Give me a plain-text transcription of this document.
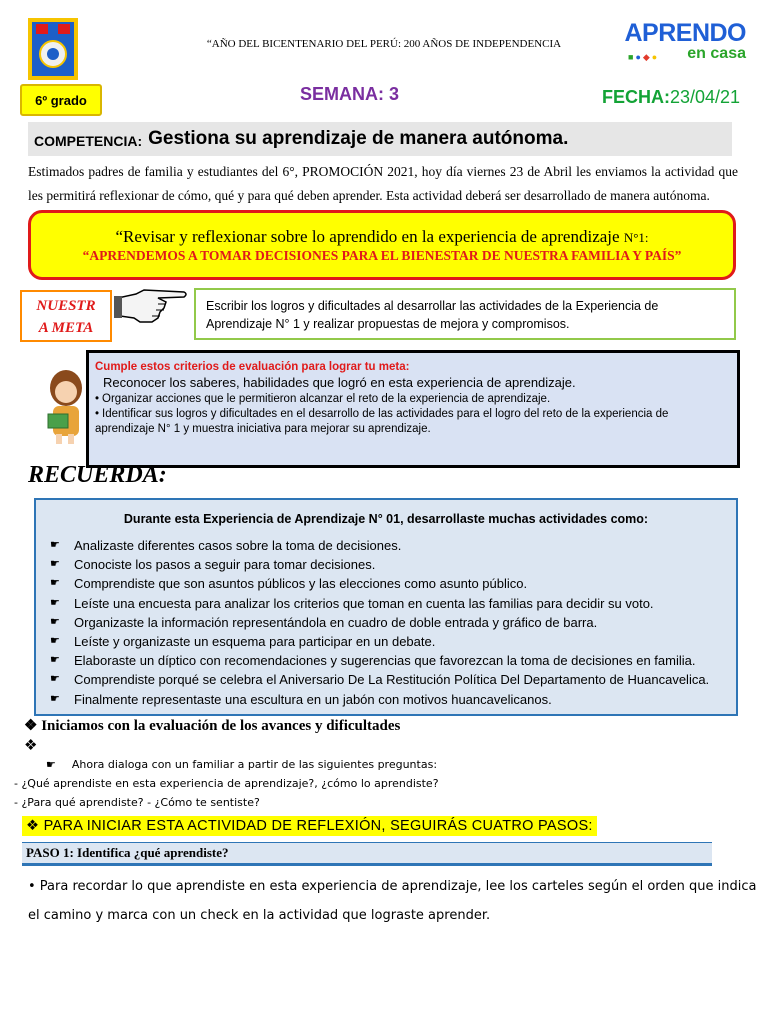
“AÑO DEL BICENTENARIO DEL PERÚ: 200 AÑOS DE INDEPENDENCIA	APRENDO
en casa
■●◆●
6º grado	SEMANA: 3	FECHA:23/04/21
COMPETENCIA: Gestiona su aprendizaje de manera autónoma.
Estimados padres de familia y estudiantes del 6°, PROMOCIÓN 2021, hoy día viernes 23 de Abril les enviamos la actividad que les permitirá reflexionar de cómo, qué y para qué deben aprender. Esta actividad deberá ser desarrollado de manera autónoma.
“Revisar y reflexionar sobre lo aprendido en la experiencia de aprendizaje N°1:
“APRENDEMOS A TOMAR DECISIONES PARA EL BIENESTAR DE NUESTRA FAMILIA Y PAÍS”
NUESTR
A META
Escribir los logros y dificultades al desarrollar las actividades de la Experiencia de Aprendizaje N° 1 y realizar propuestas de mejora y compromisos.
Cumple estos criterios de evaluación para lograr tu meta:
Reconocer los saberes, habilidades que logró en esta experiencia de aprendizaje.
• Organizar acciones que le permitieron alcanzar el reto de la experiencia de aprendizaje.
• Identificar sus logros y dificultades en el desarrollo de las actividades para el logro del reto de la experiencia de aprendizaje N° 1 y muestra iniciativa para mejorar su aprendizaje.
RECUERDA:
Durante esta Experiencia de Aprendizaje N° 01, desarrollaste muchas actividades como:
☛	Analizaste diferentes casos sobre la toma de decisiones.
☛	Conociste los pasos a seguir para tomar decisiones.
☛	Comprendiste que son asuntos públicos y las elecciones como asunto público.
☛	Leíste una encuesta para analizar los criterios que toman en cuenta las familias para decidir su voto.
☛	Organizaste la información representándola en cuadro de doble entrada y gráfico de barra.
☛	Leíste y organizaste un esquema para participar en un debate.
☛	Elaboraste un díptico con recomendaciones y sugerencias que favorezcan la toma de decisiones en familia.
☛	Comprendiste porqué se celebra el Aniversario De La Restitución Política Del Departamento de Huancavelica.
☛	Finalmente representaste una escultura en un jabón con motivos huancavelicanos.
❖ Iniciamos con la evaluación de los avances y dificultades
❖
☛ Ahora dialoga con un familiar a partir de las siguientes preguntas:
- ¿Qué aprendiste en esta experiencia de aprendizaje?, ¿cómo lo aprendiste?
- ¿Para qué aprendiste? - ¿Cómo te sentiste?
❖ PARA INICIAR ESTA ACTIVIDAD DE REFLEXIÓN, SEGUIRÁS CUATRO PASOS:
PASO 1: Identifica ¿qué aprendiste?
• Para recordar lo que aprendiste en esta experiencia de aprendizaje, lee los carteles según el orden que indica
el camino y marca con un check en la actividad que lograste aprender.
